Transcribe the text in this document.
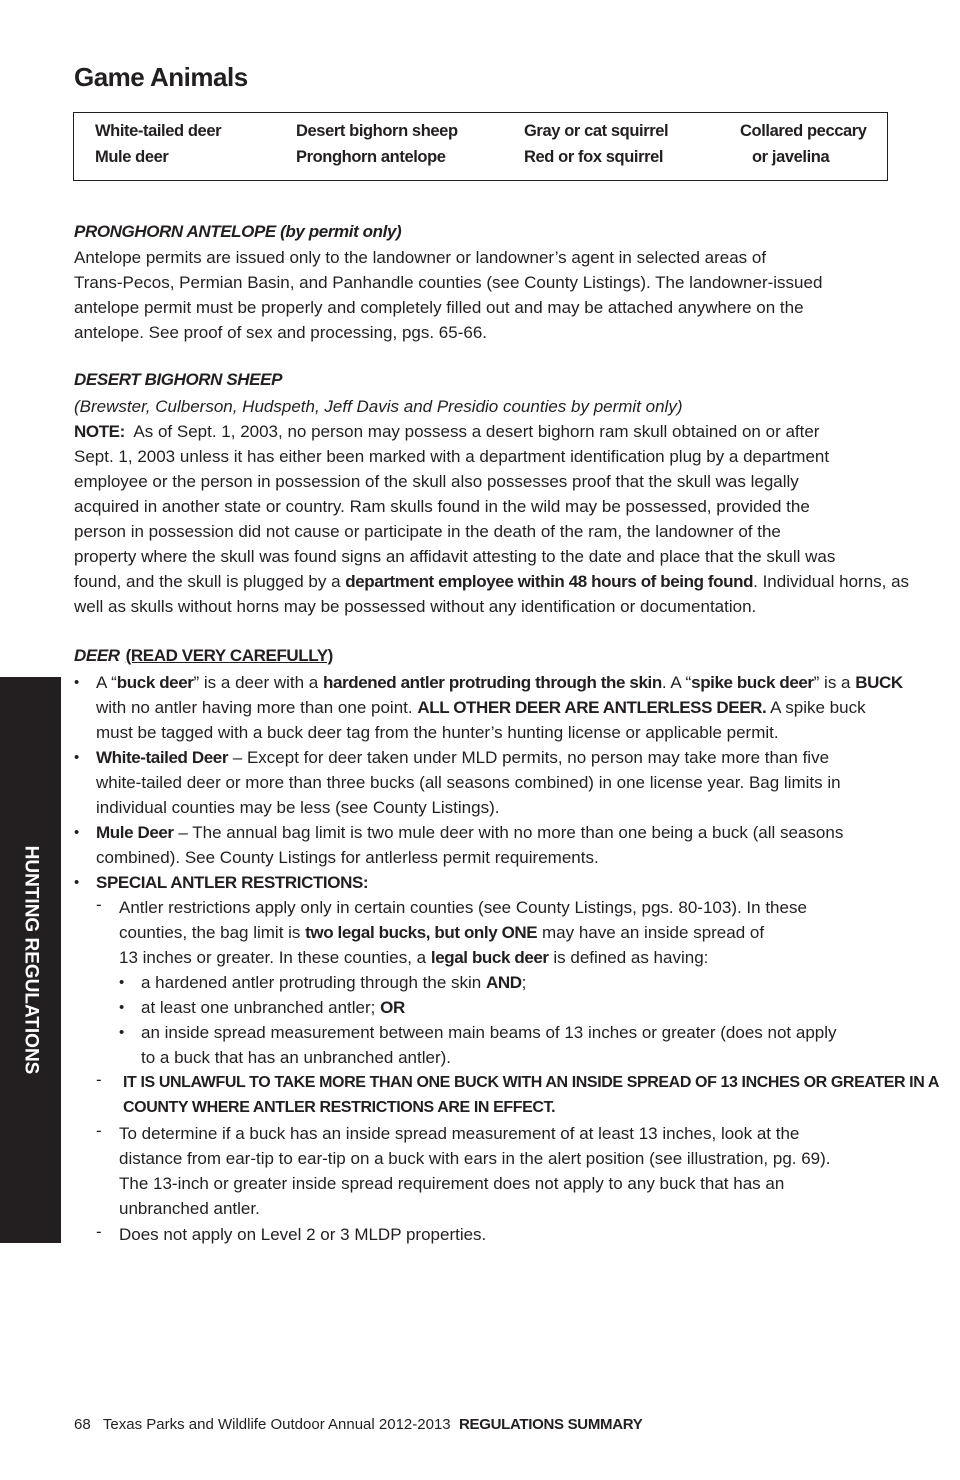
Game Animals
White-tailed deer
Mule deer
Desert bighorn sheep
Pronghorn antelope
Gray or cat squirrel
Red or fox squirrel
Collared peccary
or javelina
PRONGHORN ANTELOPE (by permit only)
Antelope permits are issued only to the landowner or landowner’s agent in selected areas of
Trans-Pecos, Permian Basin, and Panhandle counties (see County Listings). The landowner-issued
antelope permit must be properly and completely filled out and may be attached anywhere on the
antelope. See proof of sex and processing, pgs. 65-66.
DESERT BIGHORN SHEEP
(Brewster, Culberson, Hudspeth, Jeff Davis and Presidio counties by permit only)
NOTE: As of Sept. 1, 2003, no person may possess a desert bighorn ram skull obtained on or after
Sept. 1, 2003 unless it has either been marked with a department identification plug by a department
employee or the person in possession of the skull also possesses proof that the skull was legally
acquired in another state or country. Ram skulls found in the wild may be possessed, provided the
person in possession did not cause or participate in the death of the ram, the landowner of the
property where the skull was found signs an affidavit attesting to the date and place that the skull was
found, and the skull is plugged by a department employee within 48 hours of being found. Individual horns, as
well as skulls without horns may be possessed without any identification or documentation.
DEER (READ VERY CAREFULLY)
• A “buck deer” is a deer with a hardened antler protruding through the skin. A “spike buck deer” is a BUCK
with no antler having more than one point. ALL OTHER DEER ARE ANTLERLESS DEER. A spike buck
must be tagged with a buck deer tag from the hunter’s hunting license or applicable permit.
• White-tailed Deer – Except for deer taken under MLD permits, no person may take more than five
white-tailed deer or more than three bucks (all seasons combined) in one license year. Bag limits in
individual counties may be less (see County Listings).
• Mule Deer – The annual bag limit is two mule deer with no more than one being a buck (all seasons
combined). See County Listings for antlerless permit requirements.
• SPECIAL ANTLER RESTRICTIONS:
- Antler restrictions apply only in certain counties (see County Listings, pgs. 80-103). In these
counties, the bag limit is two legal bucks, but only ONE may have an inside spread of
13 inches or greater. In these counties, a legal buck deer is defined as having:
• a hardened antler protruding through the skin AND;
• at least one unbranched antler; OR
• an inside spread measurement between main beams of 13 inches or greater (does not apply
to a buck that has an unbranched antler).
- IT IS UNLAWFUL TO TAKE MORE THAN ONE BUCK WITH AN INSIDE SPREAD OF 13 INCHES OR GREATER IN A
COUNTY WHERE ANTLER RESTRICTIONS ARE IN EFFECT.
- To determine if a buck has an inside spread measurement of at least 13 inches, look at the
distance from ear-tip to ear-tip on a buck with ears in the alert position (see illustration, pg. 69).
The 13-inch or greater inside spread requirement does not apply to any buck that has an
unbranched antler.
- Does not apply on Level 2 or 3 MLDP properties.
HUNTING REGULATIONS
68 Texas Parks and Wildlife Outdoor Annual 2012-2013 REGULATIONS SUMMARY
